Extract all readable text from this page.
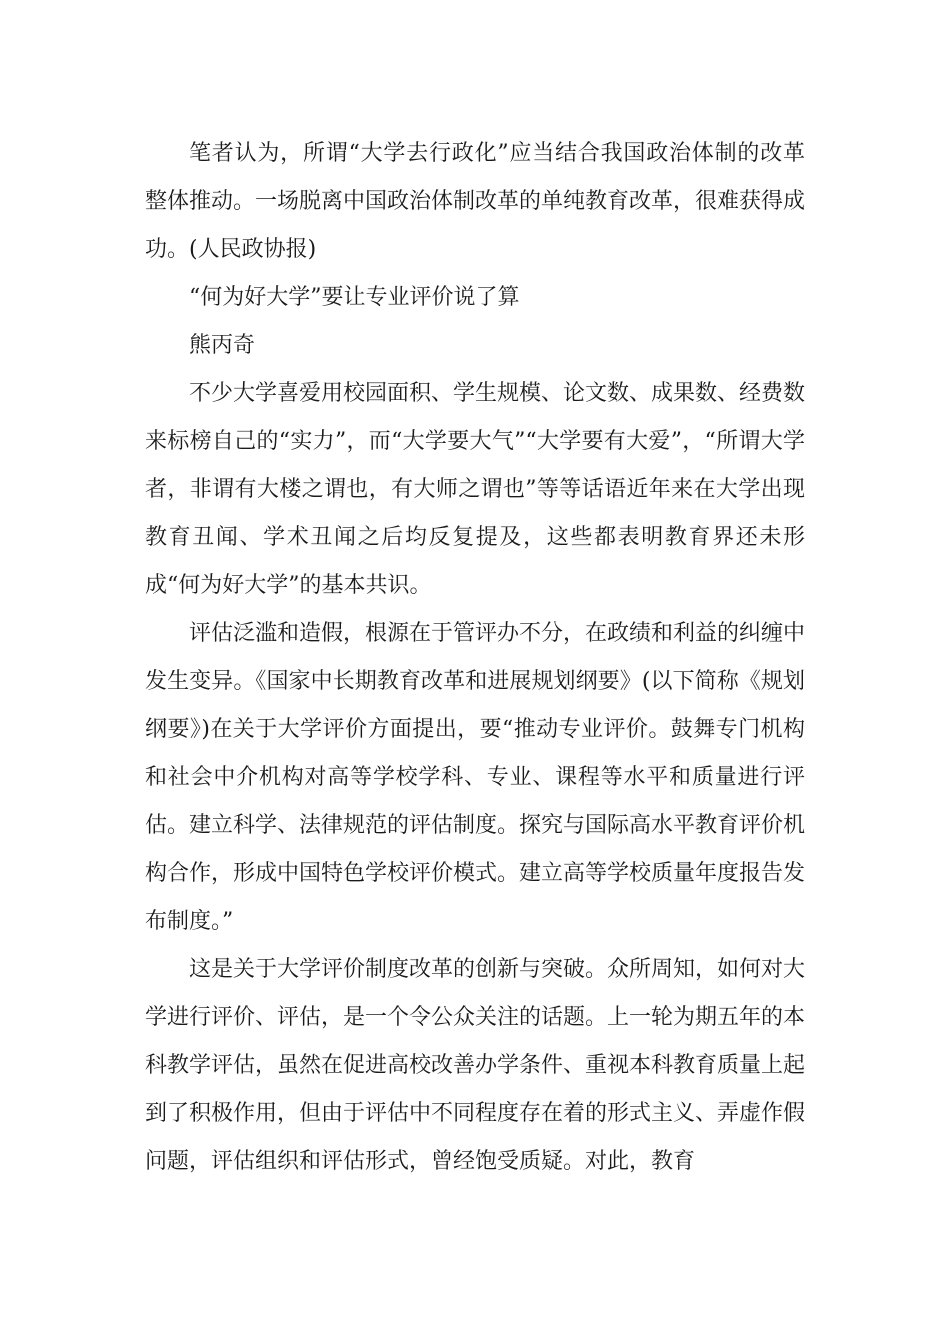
笔者认为，所谓“大学去行政化”应当结合我国政治体制的改革整体推动。一场脱离中国政治体制改革的单纯教育改革，很难获得成功。(人民政协报)

“何为好大学”要让专业评价说了算

熊丙奇

不少大学喜爱用校园面积、学生规模、论文数、成果数、经费数来标榜自己的“实力”，而“大学要大气”“大学要有大爱”，“所谓大学者，非谓有大楼之谓也，有大师之谓也”等等话语近年来在大学出现教育丑闻、学术丑闻之后均反复提及，这些都表明教育界还未形成“何为好大学”的基本共识。

评估泛滥和造假，根源在于管评办不分，在政绩和利益的纠缠中发生变异。《国家中长期教育改革和进展规划纲要》(以下简称《规划纲要》)在关于大学评价方面提出，要“推动专业评价。鼓舞专门机构和社会中介机构对高等学校学科、专业、课程等水平和质量进行评估。建立科学、法律规范的评估制度。探究与国际高水平教育评价机构合作，形成中国特色学校评价模式。建立高等学校质量年度报告发布制度。”

这是关于大学评价制度改革的创新与突破。众所周知，如何对大学进行评价、评估，是一个令公众关注的话题。上一轮为期五年的本科教学评估，虽然在促进高校改善办学条件、重视本科教育质量上起到了积极作用，但由于评估中不同程度存在着的形式主义、弄虚作假问题，评估组织和评估形式，曾经饱受质疑。对此，教育
